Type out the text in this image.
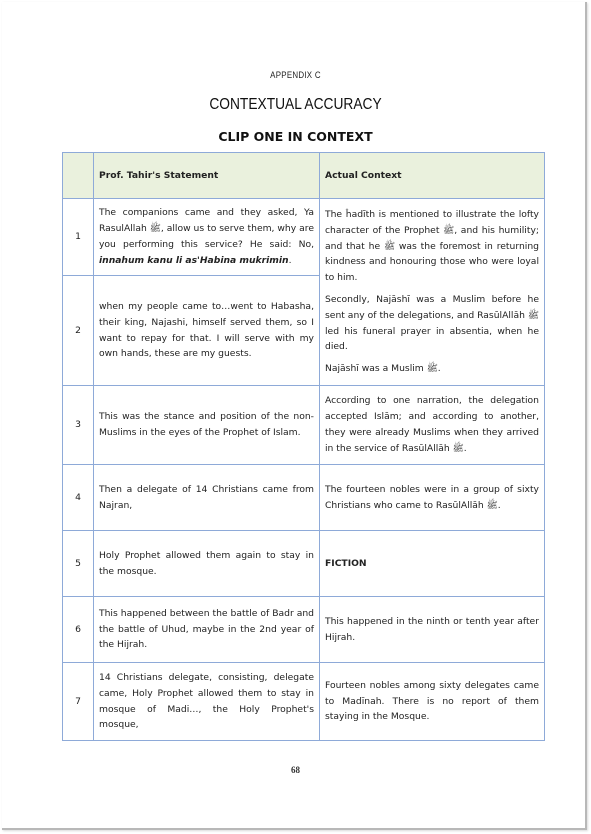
APPENDIX C
CONTEXTUAL ACCURACY
CLIP ONE IN CONTEXT
	Prof. Tahir's Statement	Actual Context
1	The companions came and they asked, Ya RasulAllah ﷺ, allow us to serve them, why are you performing this service? He said: No, innahum kanu li as'Habina mukrimin.	The ĥadīth is mentioned to illustrate the lofty character of the Prophet ﷺ, and his humility; and that he ﷺ was the foremost in returning kindness and honouring those who were loyal to him.
Secondly, Najāshī was a Muslim before he sent any of the delegations, and RasūlAllāh ﷺ led his funeral prayer in absentia, when he died.
Najāshī was a Muslim ﷺ.

2	when my people came to…went to Habasha, their king, Najashi, himself served them, so I want to repay for that. I will serve with my own hands, these are my guests.	
3	This was the stance and position of the non-Muslims in the eyes of the Prophet of Islam.	According to one narration, the delegation accepted Islām; and according to another, they were already Muslims when they arrived in the service of RasūlAllāh ﷺ.
4	Then a delegate of 14 Christians came from Najran,	The fourteen nobles were in a group of sixty Christians who came to RasūlAllāh ﷺ.
5	Holy Prophet allowed them again to stay in the mosque.	FICTION
6	This happened between the battle of Badr and the battle of Uhud, maybe in the 2nd year of the Hijrah.	This happened in the ninth or tenth year after Hijrah.
7	14 Christians delegate, consisting, delegate came, Holy Prophet allowed them to stay in mosque of Madi…, the Holy Prophet's mosque,	Fourteen nobles among sixty delegates came to Madīnah. There is no report of them staying in the Mosque.
68
